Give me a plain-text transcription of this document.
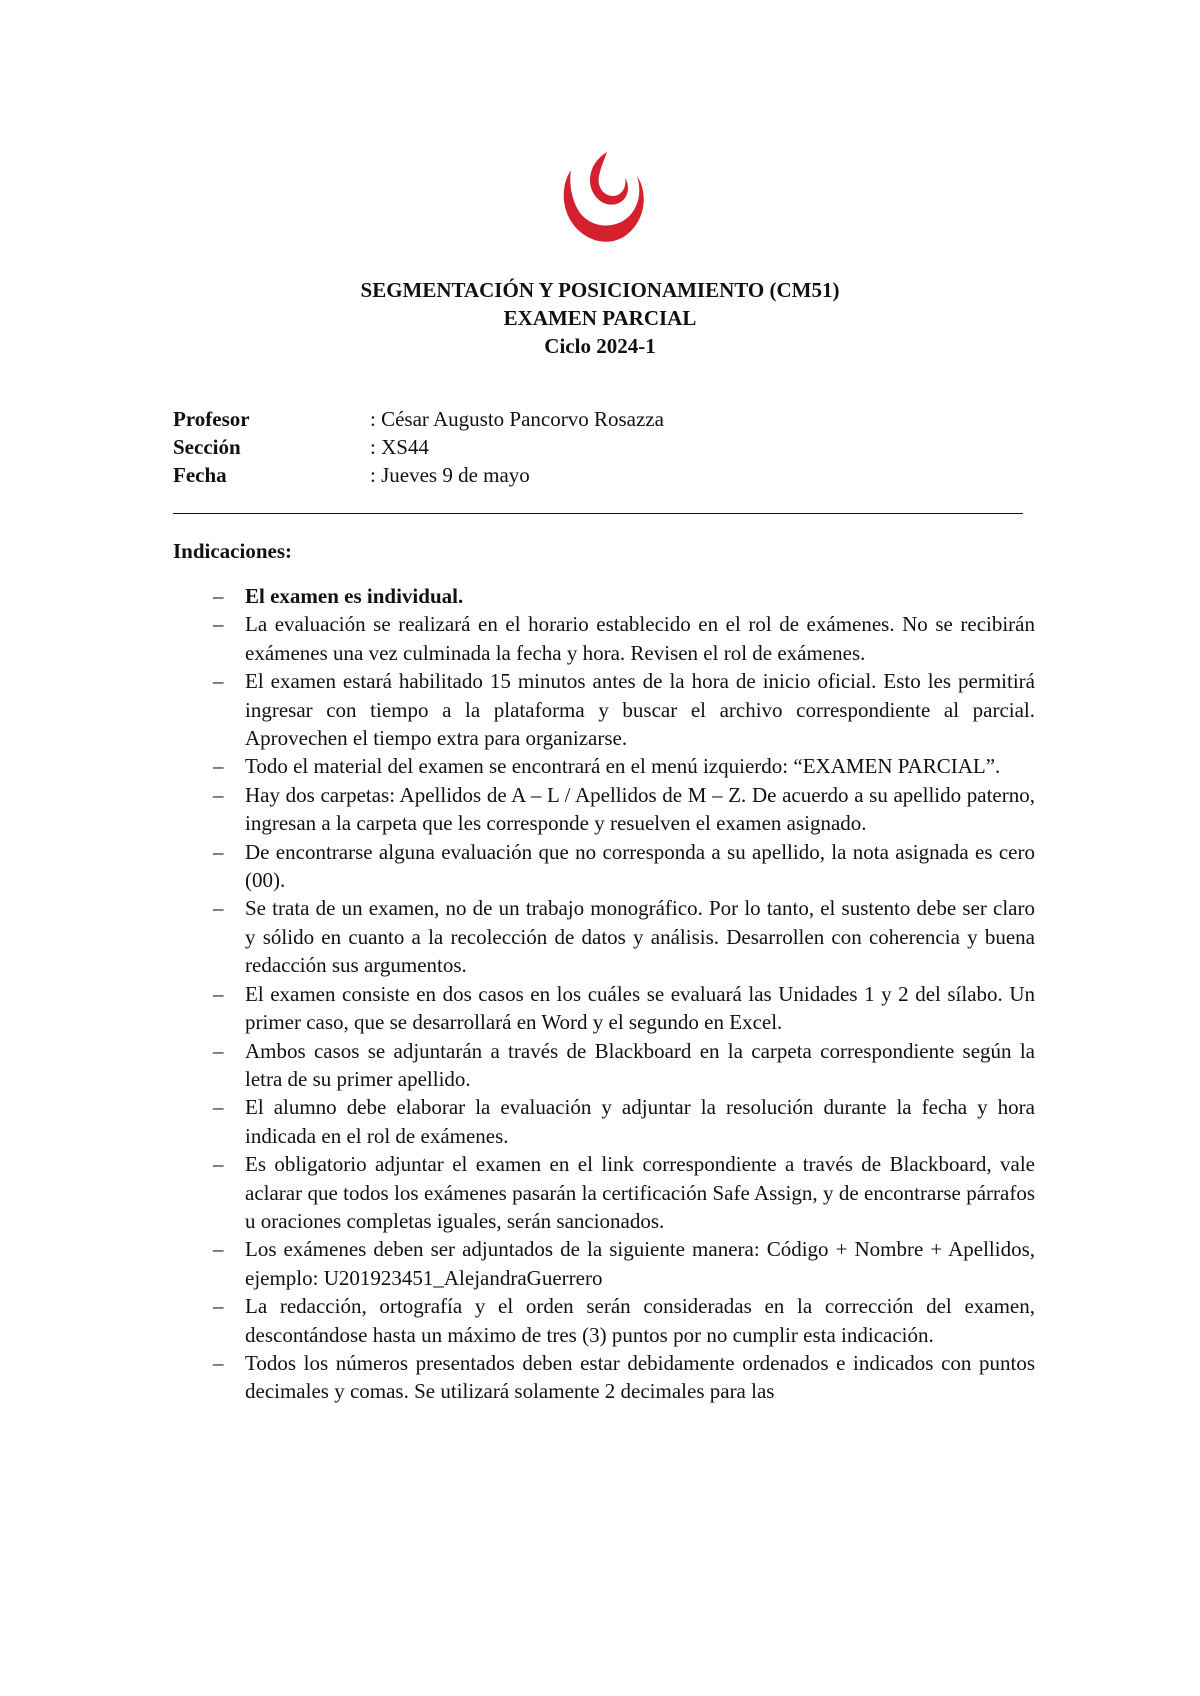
SEGMENTACIÓN Y POSICIONAMIENTO (CM51)
EXAMEN PARCIAL
Ciclo 2024-1
Profesor	: César Augusto Pancorvo Rosazza
Sección	: XS44
Fecha	: Jueves 9 de mayo
Indicaciones:
– El examen es individual.
– La evaluación se realizará en el horario establecido en el rol de exámenes. No se recibirán exámenes una vez culminada la fecha y hora. Revisen el rol de exámenes.
– El examen estará habilitado 15 minutos antes de la hora de inicio oficial. Esto les permitirá ingresar con tiempo a la plataforma y buscar el archivo correspondiente al parcial. Aprovechen el tiempo extra para organizarse.
– Todo el material del examen se encontrará en el menú izquierdo: “EXAMEN PARCIAL”.
– Hay dos carpetas: Apellidos de A – L / Apellidos de M – Z. De acuerdo a su apellido paterno, ingresan a la carpeta que les corresponde y resuelven el examen asignado.
– De encontrarse alguna evaluación que no corresponda a su apellido, la nota asignada es cero (00).
– Se trata de un examen, no de un trabajo monográfico. Por lo tanto, el sustento debe ser claro y sólido en cuanto a la recolección de datos y análisis. Desarrollen con coherencia y buena redacción sus argumentos.
– El examen consiste en dos casos en los cuáles se evaluará las Unidades 1 y 2 del sílabo. Un primer caso, que se desarrollará en Word y el segundo en Excel.
– Ambos casos se adjuntarán a través de Blackboard en la carpeta correspondiente según la letra de su primer apellido.
– El alumno debe elaborar la evaluación y adjuntar la resolución durante la fecha y hora indicada en el rol de exámenes.
– Es obligatorio adjuntar el examen en el link correspondiente a través de Blackboard, vale aclarar que todos los exámenes pasarán la certificación Safe Assign, y de encontrarse párrafos u oraciones completas iguales, serán sancionados.
– Los exámenes deben ser adjuntados de la siguiente manera: Código + Nombre + Apellidos, ejemplo: U201923451_AlejandraGuerrero
– La redacción, ortografía y el orden serán consideradas en la corrección del examen, descontándose hasta un máximo de tres (3) puntos por no cumplir esta indicación.
– Todos los números presentados deben estar debidamente ordenados e indicados con puntos decimales y comas. Se utilizará solamente 2 decimales para las
